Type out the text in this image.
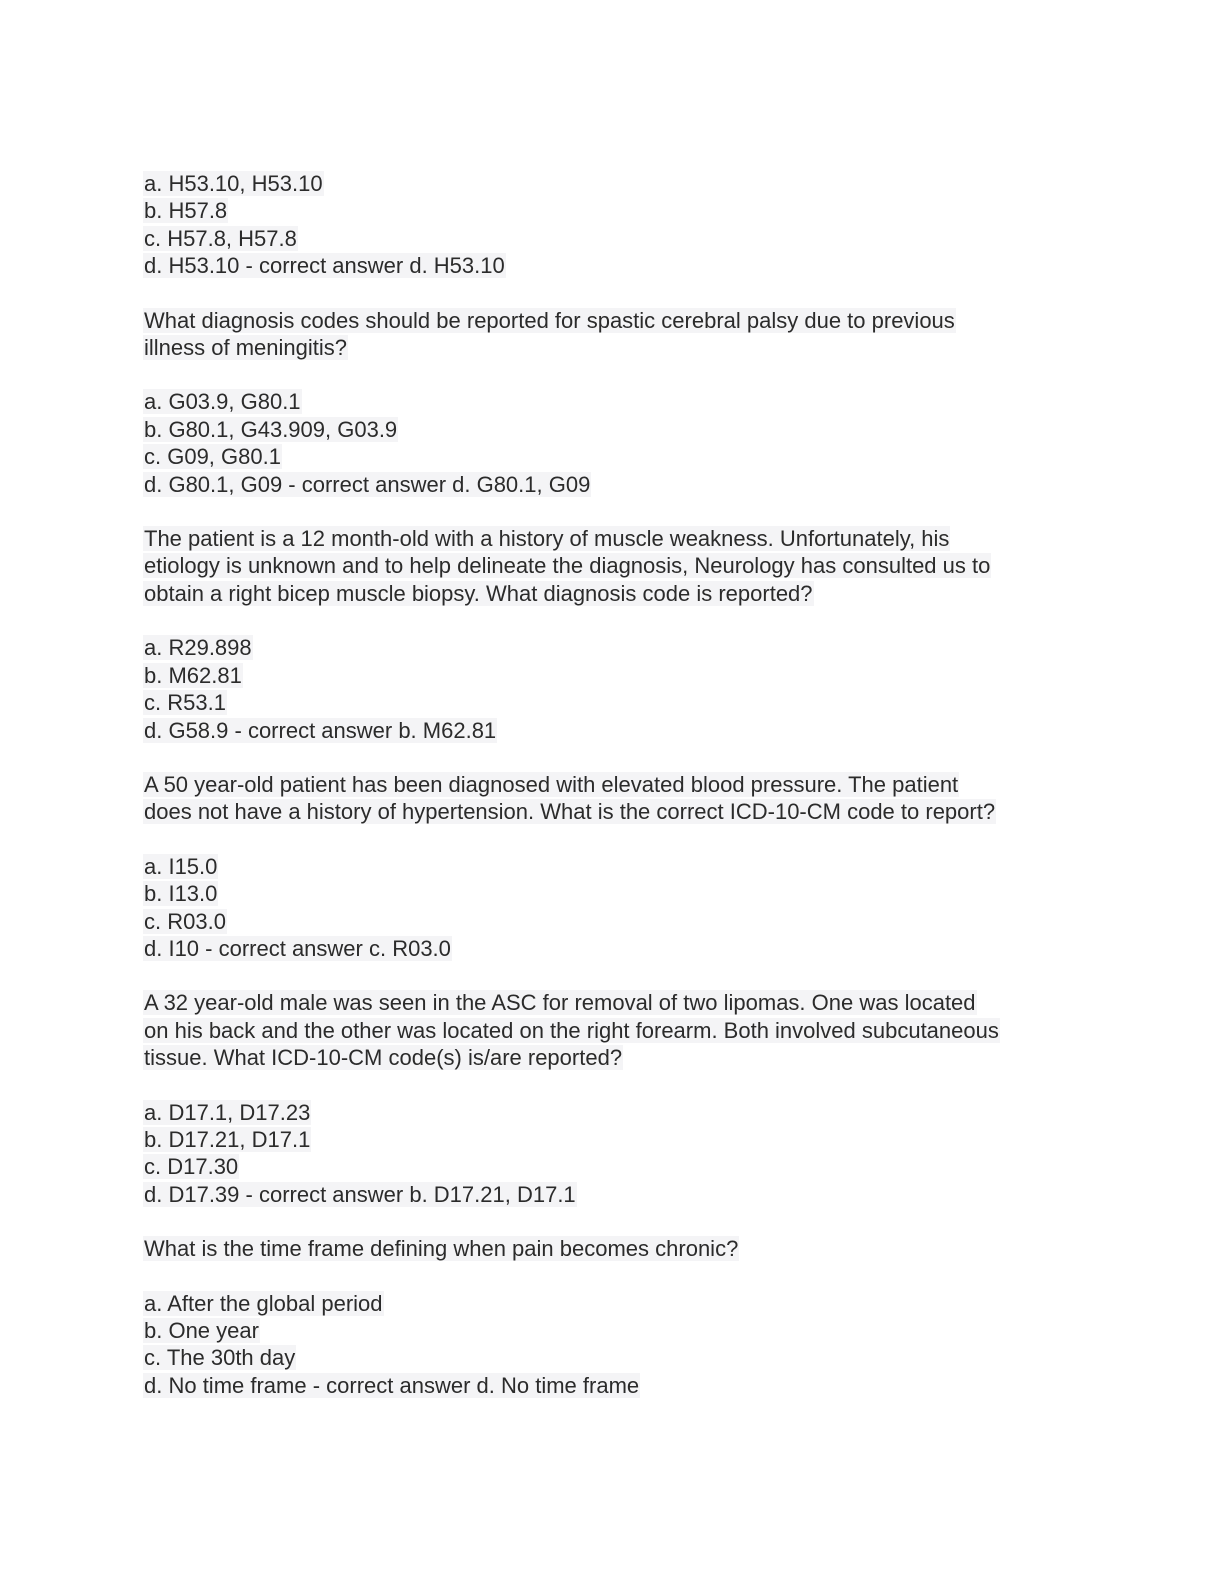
a. H53.10, H53.10
b. H57.8
c. H57.8, H57.8
d. H53.10 - correct answer d. H53.10
What diagnosis codes should be reported for spastic cerebral palsy due to previous
illness of meningitis?
a. G03.9, G80.1
b. G80.1, G43.909, G03.9
c. G09, G80.1
d. G80.1, G09 - correct answer d. G80.1, G09
The patient is a 12 month-old with a history of muscle weakness. Unfortunately, his
etiology is unknown and to help delineate the diagnosis, Neurology has consulted us to
obtain a right bicep muscle biopsy. What diagnosis code is reported?
a. R29.898
b. M62.81
c. R53.1
d. G58.9 - correct answer b. M62.81
A 50 year-old patient has been diagnosed with elevated blood pressure. The patient
does not have a history of hypertension. What is the correct ICD-10-CM code to report?
a. I15.0
b. I13.0
c. R03.0
d. I10 - correct answer c. R03.0
A 32 year-old male was seen in the ASC for removal of two lipomas. One was located
on his back and the other was located on the right forearm. Both involved subcutaneous
tissue. What ICD-10-CM code(s) is/are reported?
a. D17.1, D17.23
b. D17.21, D17.1
c. D17.30
d. D17.39 - correct answer b. D17.21, D17.1
What is the time frame defining when pain becomes chronic?
a. After the global period
b. One year
c. The 30th day
d. No time frame - correct answer d. No time frame
